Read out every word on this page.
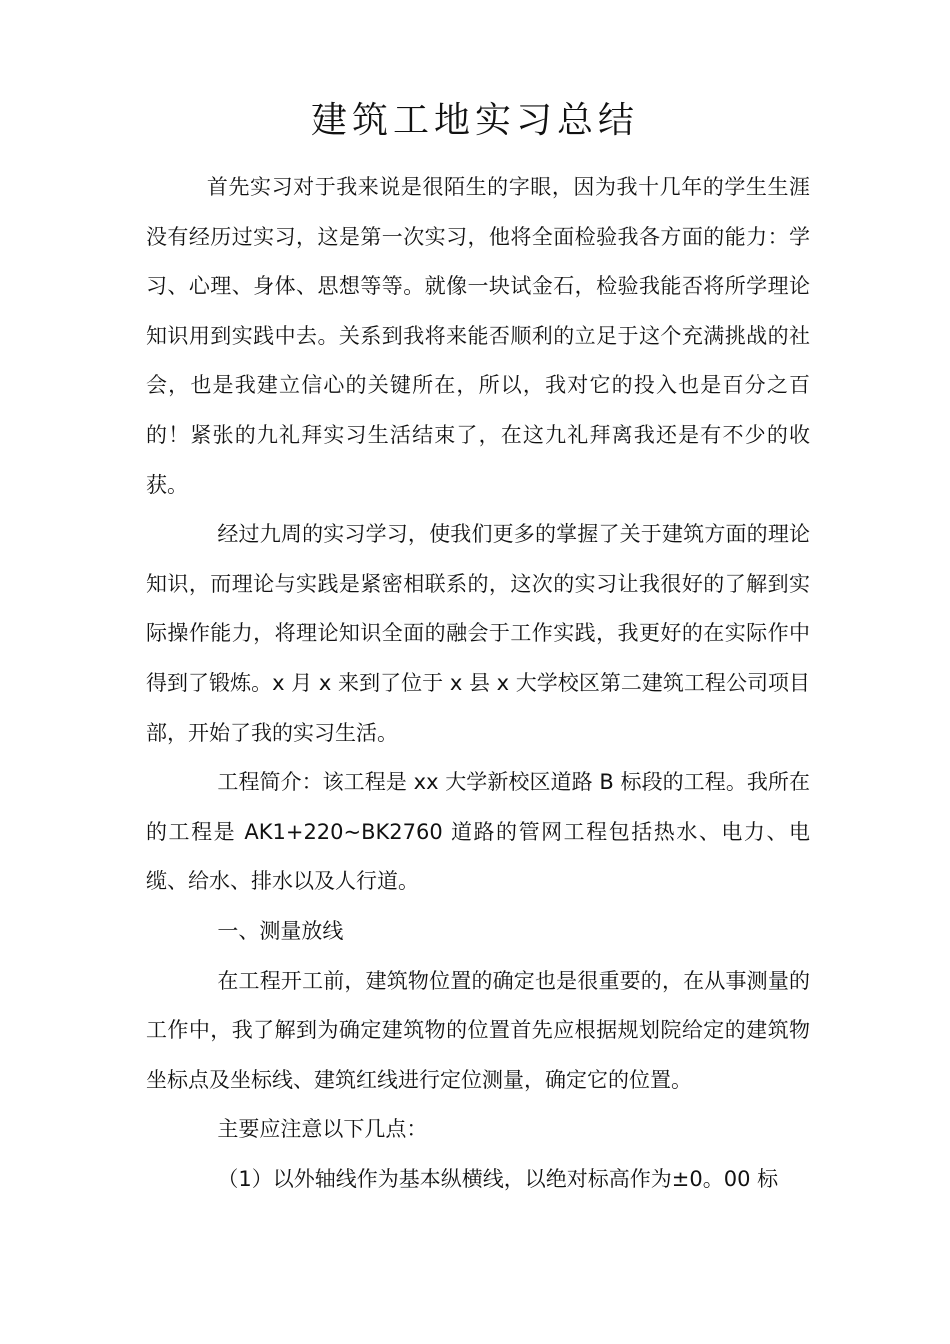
建筑工地实习总结

首先实习对于我来说是很陌生的字眼，因为我十几年的学生生涯没有经历过实习，这是第一次实习，他将全面检验我各方面的能力：学习、心理、身体、思想等等。就像一块试金石，检验我能否将所学理论知识用到实践中去。关系到我将来能否顺利的立足于这个充满挑战的社会，也是我建立信心的关键所在，所以，我对它的投入也是百分之百的！紧张的九礼拜实习生活结束了，在这九礼拜离我还是有不少的收获。

经过九周的实习学习，使我们更多的掌握了关于建筑方面的理论知识，而理论与实践是紧密相联系的，这次的实习让我很好的了解到实际操作能力，将理论知识全面的融会于工作实践，我更好的在实际作中得到了锻炼。x 月 x 来到了位于 x 县 x 大学校区第二建筑工程公司项目部，开始了我的实习生活。

工程简介：该工程是 xx 大学新校区道路 B 标段的工程。我所在的工程是 AK1+220~BK2760 道路的管网工程包括热水、电力、电缆、给水、排水以及人行道。

一、测量放线

在工程开工前，建筑物位置的确定也是很重要的，在从事测量的工作中，我了解到为确定建筑物的位置首先应根据规划院给定的建筑物坐标点及坐标线、建筑红线进行定位测量，确定它的位置。

主要应注意以下几点：

（1）以外轴线作为基本纵横线，以绝对标高作为±0。00 标
